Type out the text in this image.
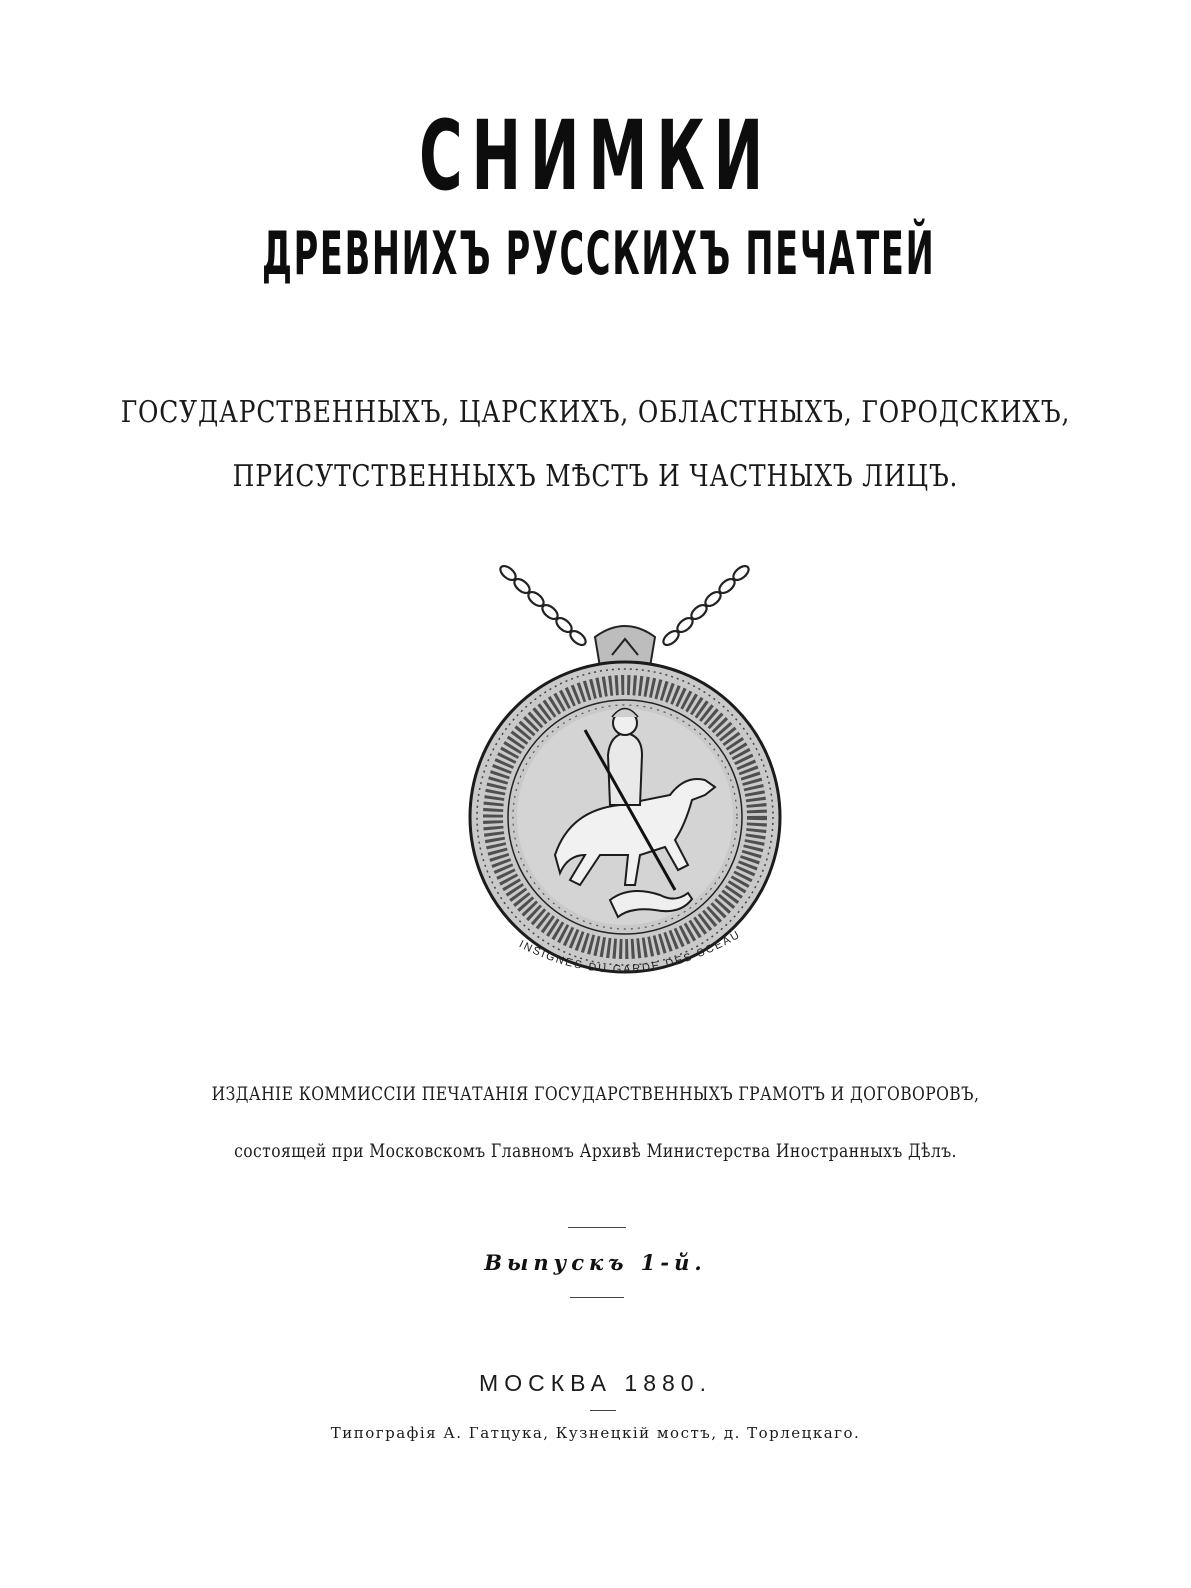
СНИМКИ
ДРЕВНИХЪ РУССКИХЪ ПЕЧАТЕЙ
ГОСУДАРСТВЕННЫХЪ, ЦАРСКИХЪ, ОБЛАСТНЫХЪ, ГОРОДСКИХЪ,
ПРИСУТСТВЕННЫХЪ МѢСТЪ И ЧАСТНЫХЪ ЛИЦЪ.
INSIGNES DU GARDE DES SCEAU
ИЗДАНІЕ КОММИССІИ ПЕЧАТАНІЯ ГОСУДАРСТВЕННЫХЪ ГРАМОТЪ И ДОГОВОРОВЪ,
состоящей при Московскомъ Главномъ Архивѣ Министерства Иностранныхъ Дѣлъ.
Выпускъ 1-й.
МОСКВА 1880.
Типографія А. Гатцука, Кузнецкій мостъ, д. Торлецкаго.
